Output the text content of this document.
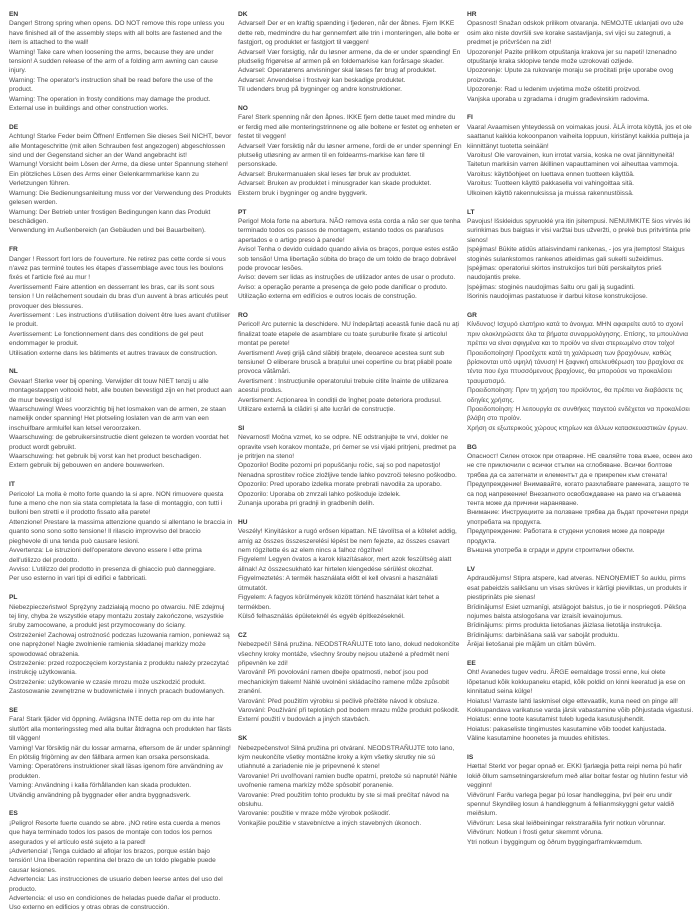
EN
Danger! Strong spring when opens. DO NOT remove this rope unless you have finished all of the assembly steps with all bolts are fastened and the item is attached to the wall!
Warning! Take care when loosening the arms, because they are under tension! A sudden release of the arm of a folding arm awning can cause injury.
Warning: The operator's instruction shall be read before the use of the product.
Warning: The operation in frosty conditions may damage the product.
External use in buildings and other construction works.
DE
Achtung! Starke Feder beim Öffnen! Entfernen Sie dieses Seil NICHT, bevor alle Montageschritte (mit allen Schrauben fest angezogen) abgeschlossen sind und der Gegenstand sicher an der Wand angebracht ist!
Warnung! Vorsicht beim Lösen der Arme, da diese unter Spannung stehen! Ein plötzliches Lösen des Arms einer Gelenkarmmarkise kann zu Verletzungen führen.
Warnung: Die Bedienungsanleitung muss vor der Verwendung des Produkts gelesen werden.
Warnung: Der Betrieb unter frostigen Bedingungen kann das Produkt beschädigen.
Verwendung im Außenbereich (an Gebäuden und bei Bauarbeiten).
FR
Danger ! Ressort fort lors de l'ouverture. Ne retirez pas cette corde si vous n'avez pas terminé toutes les étapes d'assemblage avec tous les boulons fixés et l'article fixé au mur !
Avertissement! Faire attention en desserrant les bras, car ils sont sous tension ! Un relâchement soudain du bras d'un auvent à bras articulés peut provoquer des blessures.
Avertissement : Les instructions d'utilisation doivent être lues avant d'utiliser le produit.
Avertissement: Le fonctionnement dans des conditions de gel peut endommager le produit.
Utilisation externe dans les bâtiments et autres travaux de construction.
NL
Gevaar! Sterke veer bij opening. Verwijder dit touw NIET tenzij u alle montagestappen voltooid hebt, alle bouten bevestigd zijn en het product aan de muur bevestigd is!
Waarschuwing! Wees voorzichtig bij het losmaken van de armen, ze staan namelijk onder spanning! Het plotseling loslaten van de arm van een inschuifbare armluifel kan letsel veroorzaken.
Waarschuwing: de gebruikersinstructie dient gelezen te worden voordat het product wordt gebruikt.
Waarschuwing: het gebruik bij vorst kan het product beschadigen.
Extern gebruik bij gebouwen en andere bouwwerken.
IT
Pericolo! La molla è molto forte quando la si apre. NON rimuovere questa fune a meno che non sia stata completata la fase di montaggio, con tutti i bulloni ben stretti e il prodotto fissato alla parete!
Attenzione! Prestare la massima attenzione quando si allentano le braccia in quanto sono sono sotto tensione! Il rilascio improvviso del braccio pieghevole di una tenda può causare lesioni.
Avvertenza: Le istruzioni dell'operatore devono essere l ette prima dell'utilizzo del prodotto.
Avviso: L'utilizzo del prodotto in presenza di ghiaccio può danneggiare.
Per uso esterno in vari tipi di edifici e fabbricati.
PL
Niebezpieczeństwo! Sprężyny zadziałają mocno po otwarciu. NIE zdejmuj tej liny, chyba że wszystkie etapy montażu zostały zakończone, wszystkie śruby zamocowane, a produkt jest przymocowany do ściany.
Ostrzeżenie! Zachowaj ostrożność podczas luzowania ramion, ponieważ są one naprężone! Nagłe zwolnienie ramienia składanej markizy może spowodować obrażenia.
Ostrzeżenie: przed rozpoczęciem korzystania z produktu należy przeczytać instrukcję użytkowania.
Ostrzeżenie: użytkowanie w czasie mrozu może uszkodzić produkt.
Zastosowanie zewnętrzne w budownictwie i innych pracach budowlanych.
SE
Fara! Stark fjäder vid öppning. Avlägsna INTE detta rep om du inte har slutfört alla monteringssteg med alla bultar åtdragna och produkten har fästs till väggen!
Varning! Var försiktig när du lossar armarna, eftersom de är under spänning! En plötslig frigörning av den fällbara armen kan orsaka personskada.
Varning: Operatörens instruktioner skall läsas igenom före användning av produkten.
Varning: Användning i kalla förhållanden kan skada produkten.
Utvändig användning på byggnader eller andra byggnadsverk.
ES
¡Peligro! Resorte fuerte cuando se abre. ¡NO retire esta cuerda a menos que haya terminado todos los pasos de montaje con todos los pernos asegurados y el artículo esté sujeto a la pared!
¡Advertencia! ¡Tenga cuidado al aflojar los brazos, porque están bajo tensión! Una liberación repentina del brazo de un toldo plegable puede causar lesiones.
Advertencia: Las instrucciones de usuario deben leerse antes del uso del producto.
Advertencia: el uso en condiciones de heladas puede dañar el producto.
Uso externo en edificios y otras obras de construcción.
DK
Advarsel! Der er en kraftig spænding i fjederen, når der åbnes. Fjern IKKE dette reb, medmindre du har gennemført alle trin i monteringen, alle bolte er fastgjort, og produktet er fastgjort til væggen!
Advarsel! Vær forsigtig, når du løsner armene, da de er under spænding! En pludselig frigørelse af armen på en foldemarkise kan forårsage skader.
Advarsel: Operatørens anvisninger skal læses før brug af produktet.
Advarsel: Anvendelse i frostvejr kan beskadige produktet.
Til udendørs brug på bygninger og andre konstruktioner.
NO
Fare! Sterk spenning når den åpnes. IKKE fjern dette tauet med mindre du er ferdig med alle monteringstrinnene og alle boltene er festet og enheten er festet til veggen!
Advarsel! Vær forsiktig når du løsner armene, fordi de er under spenning! En plutselig utløsning av armen til en foldearms-markise kan føre til personskade.
Advarsel: Brukermanualen skal leses før bruk av produktet.
Advarsel: Bruken av produktet i minusgrader kan skade produktet.
Ekstern bruk i bygninger og andre byggverk.
PT
Perigo! Mola forte na abertura. NÃO remova esta corda a não ser que tenha terminado todos os passos de montagem, estando todos os parafusos apertados e o artigo preso à parede!
Aviso! Tenha o devido cuidado quando alivia os braços, porque estes estão sob tensão! Uma libertação súbita do braço de um toldo de braço dobrável pode provocar lesões.
Aviso: devem ser lidas as instruções de utilizador antes de usar o produto.
Aviso: a operação perante a presença de gelo pode danificar o produto.
Utilização externa em edifícios e outros locais de construção.
RO
Pericol! Arc puternic la deschidere. NU îndepărtați această funie dacă nu ați finalizat toate etapele de asamblare cu toate șuruburile fixate și articolul montat pe perete!
Avertisment! Aveți grijă când slăbiți brațele, deoarece acestea sunt sub tensiune! O eliberare bruscă a brațului unei copertine cu braț pliabil poate provoca vătămări.
Avertisment : Instrucțiunile operatorului trebuie citite înainte de utilizarea acestui produs.
Avertisment: Acționarea în condiții de îngheț poate deteriora produsul.
Utilizare externă la clădiri și alte lucrări de construcție.
SI
Nevarnost! Močna vzmet, ko se odpre. NE odstranjujte te vrvi, dokler ne opravite vseh korakov montaže, pri čemer se vsi vijaki pritrjeni, predmet pa je pritrjen na steno!
Opozorilo! Bodite pozorni pri popuščanju ročic, saj so pod napetostjo! Nenadna sprostitev ročice zložljive tende lahko povzroči telesno poškodbo.
Opozorilo: Pred uporabo izdelka morate prebrati navodila za uporabo.
Opozorilo: Uporaba ob zmrzali lahko poškoduje izdelek.
Zunanja uporaba pri gradnji in gradbenih delih.
HU
Veszély! Kinyitáskor a rugó erősen kipattan. NE távolítsa el a kötelet addig, amíg az összes összeszerelési lépést be nem fejezte, az összes csavart nem rögzítette és az elem nincs a falhoz rögzítve!
Figyelem! Legyen óvatos a karok kilazításakor, mert azok feszültség alatt állnak! Az összecsukható kar hirtelen kiengedése sérülést okozhat.
Figyelmeztetés: A termék használata előtt el kell olvasni a használati útmutatót.
Figyelem: A fagyos körülmények között történő használat kárt tehet a termékben.
Külső felhasználás épületeknél és egyéb építkezéseknél.
CZ
Nebezpečí! Silná pružina. NEODSTRAŇUJTE toto lano, dokud nedokončíte všechny kroky montáže, všechny šrouby nejsou utažené a předmět není připevněn ke zdi!
Varování! Při povolování ramen dbejte opatrnosti, neboť jsou pod mechanickým tlakem! Náhlé uvolnění skládacího ramene může způsobit zranění.
Varování: Před použitím výrobku si pečlivě přečtěte návod k obsluze.
Varování: Používání při teplotách pod bodem mrazu může produkt poškodit.
Externí použití v budovách a jiných stavbách.
SK
Nebezpečenstvo! Silná pružina pri otváraní. NEODSTRAŇUJTE toto lano, kým neukončíte všetky montážne kroky a kým všetky skrutky nie sú utiahnuté a zariadenie nie je pripevnené k stene!
Varovanie! Pri uvoľňovaní ramien buďte opatrní, pretože sú napnuté! Náhle uvoľnenie ramena markízy môže spôsobiť poranenie.
Varovanie: Pred použitím tohto produktu by ste si mali prečítať návod na obsluhu.
Varovanie: použitie v mraze môže výrobok poškodiť.
Vonkajšie použitie v stavebníctve a iných stavebných úkonoch.
HR
Opasnost! Snažan odskok prilikom otvaranja. NEMOJTE uklanjati ovo uže osim ako niste dovršili sve korake sastavljanja, svi vijci su zategnuti, a predmet je pričvršćen na zid!
Upozorenje! Pazite prilikom otpuštanja krakova jer su napeti! Iznenadno otpuštanje kraka sklopive tende može uzrokovati ozljede.
Upozorenje: Upute za rukovanje moraju se pročitati prije uporabe ovog proizvoda.
Upozorenje: Rad u ledenim uvjetima može oštetiti proizvod.
Vanjska uporaba u zgradama i drugim građevinskim radovima.
FI
Vaara! Avaamisen yhteydessä on voimakas jousi. ÄLÄ irrota köyttä, jos et ole saattanut kaikkia kokoonpanon vaiheita loppuun, kiristänyt kaikkia pultteja ja kiinnittänyt tuotetta seinään!
Varoitus! Ole varovainen, kun irrotat varsia, koska ne ovat jännittyneitä! Taitetun markiisin varren äkillinen vapauttaminen voi aiheuttaa vammoja.
Varoitus: käyttöohjeet on luettava ennen tuotteen käyttöä.
Varoitus: Tuotteen käyttö pakkasella voi vahingoittaa sitä.
Ulkoinen käyttö rakennuksissa ja muissa rakennustöissä.
LT
Pavojus! Išskleidus spyruoklė yra itin įsitempusi. NENUIMKITE šios virvės iki surinkimas bus baigtas ir visi varžtai bus užveržti, o prekė bus pritvirtinta prie sienos!
Įspėjimas! Būkite atidūs atlaisvindami rankenas, - jos yra įtemptos! Staigus stoginės sulankstomos rankenos atleidimas gali sukelti sužeidimus.
Įspėjimas: operatoriui skirtos instrukcijos turi būti perskaitytos prieš naudojantis preke.
Įspėjimas: stoginės naudojimas šaltu oru gali ją sugadinti.
Išorinis naudojimas pastatuose ir darbui kitose konstrukcijose.
GR
Κίνδυνος! Ισχυρό ελατήριο κατά το άνοιγμα. ΜΗΝ αφαιρείτε αυτό το σχοινί πριν ολοκληρώσετε όλα τα βήματα συναρμολόγησης. Επίσης, τα μπουλόνια πρέπει να είναι σφιγμένα και το προϊόν να είναι στερεωμένο στον τοίχο!
Προειδοποίηση! Προσέχετε κατά τη χαλάρωση των βραχιόνων, καθώς βρίσκονται υπό υψηλή τάνυση! Η ξαφνική απελευθέρωση του βραχίονα σε τέντα που έχει πτυσσόμενους βραχίονες, θα μπορούσε να προκαλέσει τραυματισμό.
Προειδοποίηση: Πριν τη χρήση του προϊόντος, θα πρέπει να διαβάσετε τις οδηγίες χρήσης.
Προειδοποίηση: Η λειτουργία σε συνθήκες παγετού ενδέχεται να προκαλέσει βλάβη στο προϊόν.
Χρήση σε εξωτερικούς χώρους κτηρίων και άλλων κατασκευαστικών έργων.
BG
Опасност! Силен отскок при отваряне. НЕ сваляйте това въже, освен ако не сте приключили с всички стъпки на сглобяване. Всички болтове трябва да са затегнати и елементът да е прикрепен към стената!
Предупреждение! Внимавайте, когато разхлабвате рамената, защото те са под напрежение! Внезапното освобождаване на рамо на сгъваема тента може да причини нараняване.
Внимание: Инструкциите за ползване трябва да бъдат прочетени преди употребата на продукта.
Предупреждение: Работата в студени условия може да повреди продукта.
Външна употреба в сгради и други строителни обекти.
LV
Apdraudējums! Stipra atspere, kad atveras. NENOŅEMIET šo auklu, pirms esat pabeidzis salikšanu un visas skrūves ir kārtīgi pievilktas, un produkts ir piestiprināts pie sienas!
Brīdinājums! Esiet uzmanīgi, atslāgojot balstus, jo tie ir nospriegoti. Pēkšņa nojumes balsta atslogošana var izraisīt ievainojumus.
Brīdinājums: pirms produkta lietošanas jāizlasa lietotāja instrukcija.
Brīdinājums: darbināšana salā var sabojāt produktu.
Ārējai lietošanai pie mājām un citām būvēm.
EE
Oht! Avanedes tugev vedru. ÄRGE eemaldage trossi enne, kui olete lõpetanud kõik kokkupaneku etapid, kõik poldid on kinni keeratud ja ese on kinnitatud seina külge!
Hoiatus! Varraste lahti laskmisel olge ettevaatlik, kuna need on pinge all! Kokkupandava varikatuse varda järsk vabastamine võib põhjustada vigastusi.
Hoiatus: enne toote kasutamist tuleb lugeda kasutusjuhendit.
Hoiatus: pakaseliste tingimustes kasutamine võib toodet kahjustada.
Väline kasutamine hoonetes ja muudes ehitistes.
IS
Hætta! Sterkt vor þegar opnað er. EKKI fjarlægja þetta reipi nema þú hafir lokið öllum samsetningarskrefum með allar boltar festar og hlutinn festur við vegginn!
Viðvörun! Farðu varlega þegar þú losar handleggina, því þeir eru undir spennu! Skyndileg losun á handleggnum á fellianmskyggni getur valdið meiðslum.
Viðvörun: Lesa skal leiðbeiningar rekstraraðila fyrir notkun vörunnar.
Viðvörun: Notkun í frosti getur skemmt vöruna.
Ytri notkun í byggingum og öðrum byggingarframkvæmdum.
